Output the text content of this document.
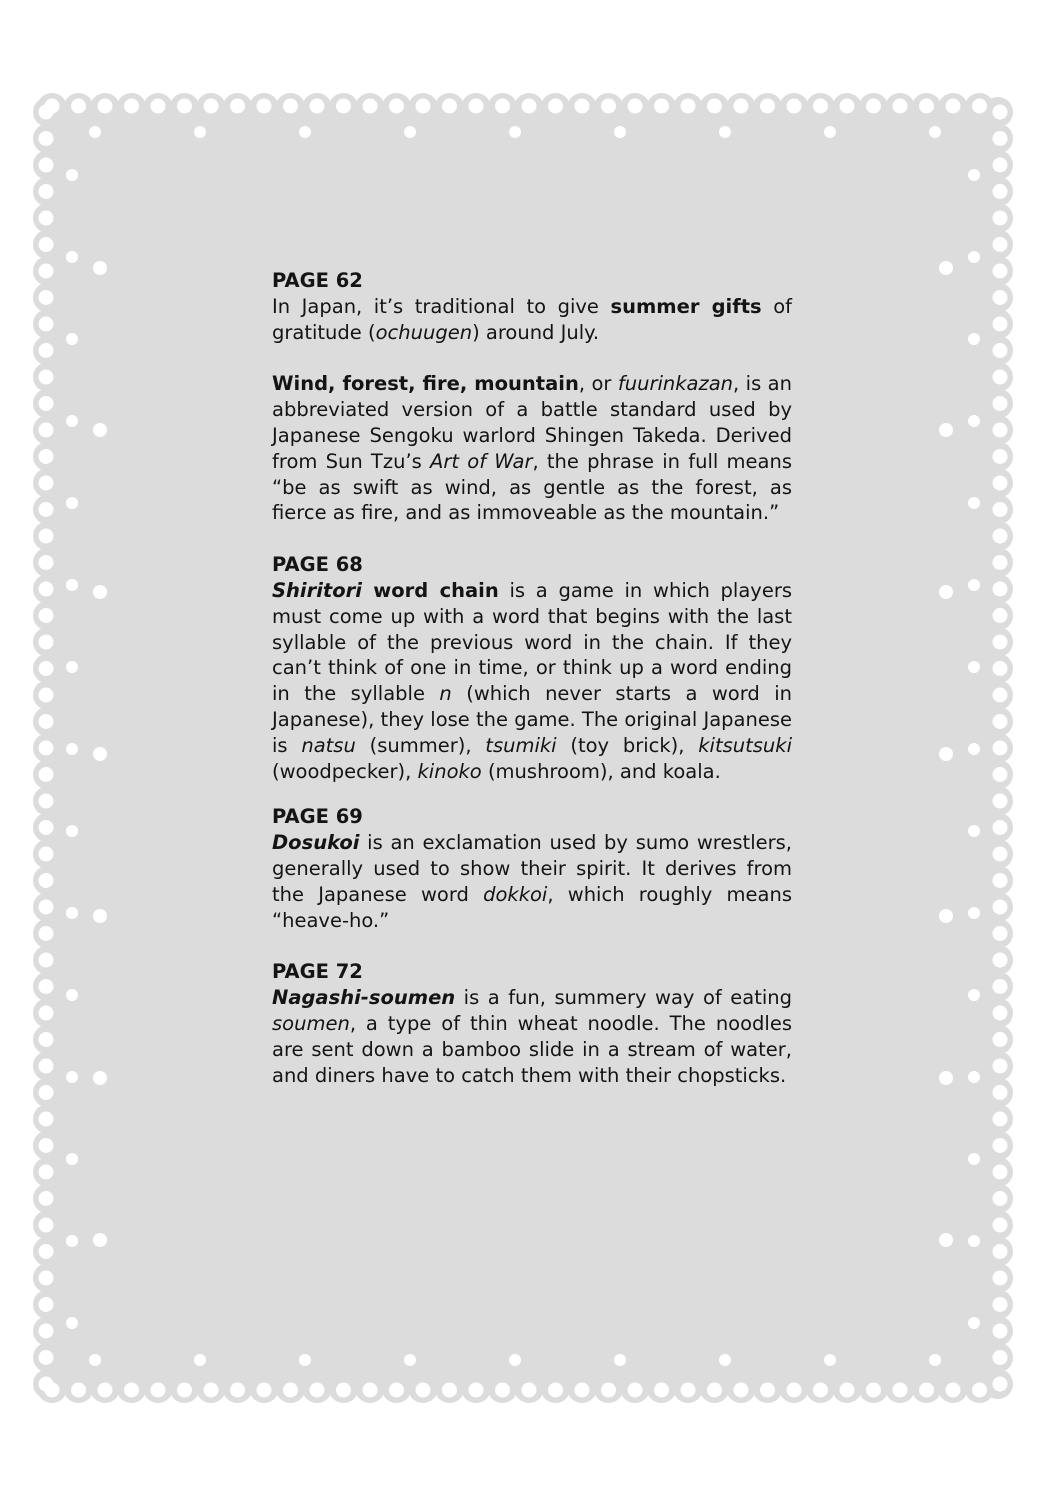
PAGE 62

In Japan, it’s traditional to give summer gifts of gratitude (ochuugen) around July.

Wind, forest, fire, mountain, or fuurinkazan, is an abbreviated version of a battle standard used by Japanese Sengoku warlord Shingen Takeda. Derived from Sun Tzu’s Art of War, the phrase in full means “be as swift as wind, as gentle as the forest, as fierce as fire, and as immoveable as the mountain.”

PAGE 68

Shiritori word chain is a game in which players must come up with a word that begins with the last syllable of the previous word in the chain. If they can’t think of one in time, or think up a word ending in the syllable n (which never starts a word in Japanese), they lose the game. The original Japanese is natsu (summer), tsumiki (toy brick), kitsutsuki (woodpecker), kinoko (mushroom), and koala.

PAGE 69

Dosukoi is an exclamation used by sumo wrestlers, generally used to show their spirit. It derives from the Japanese word dokkoi, which roughly means “heave-ho.”

PAGE 72

Nagashi-soumen is a fun, summery way of eating soumen, a type of thin wheat noodle. The noodles are sent down a bamboo slide in a stream of water, and diners have to catch them with their chopsticks.
